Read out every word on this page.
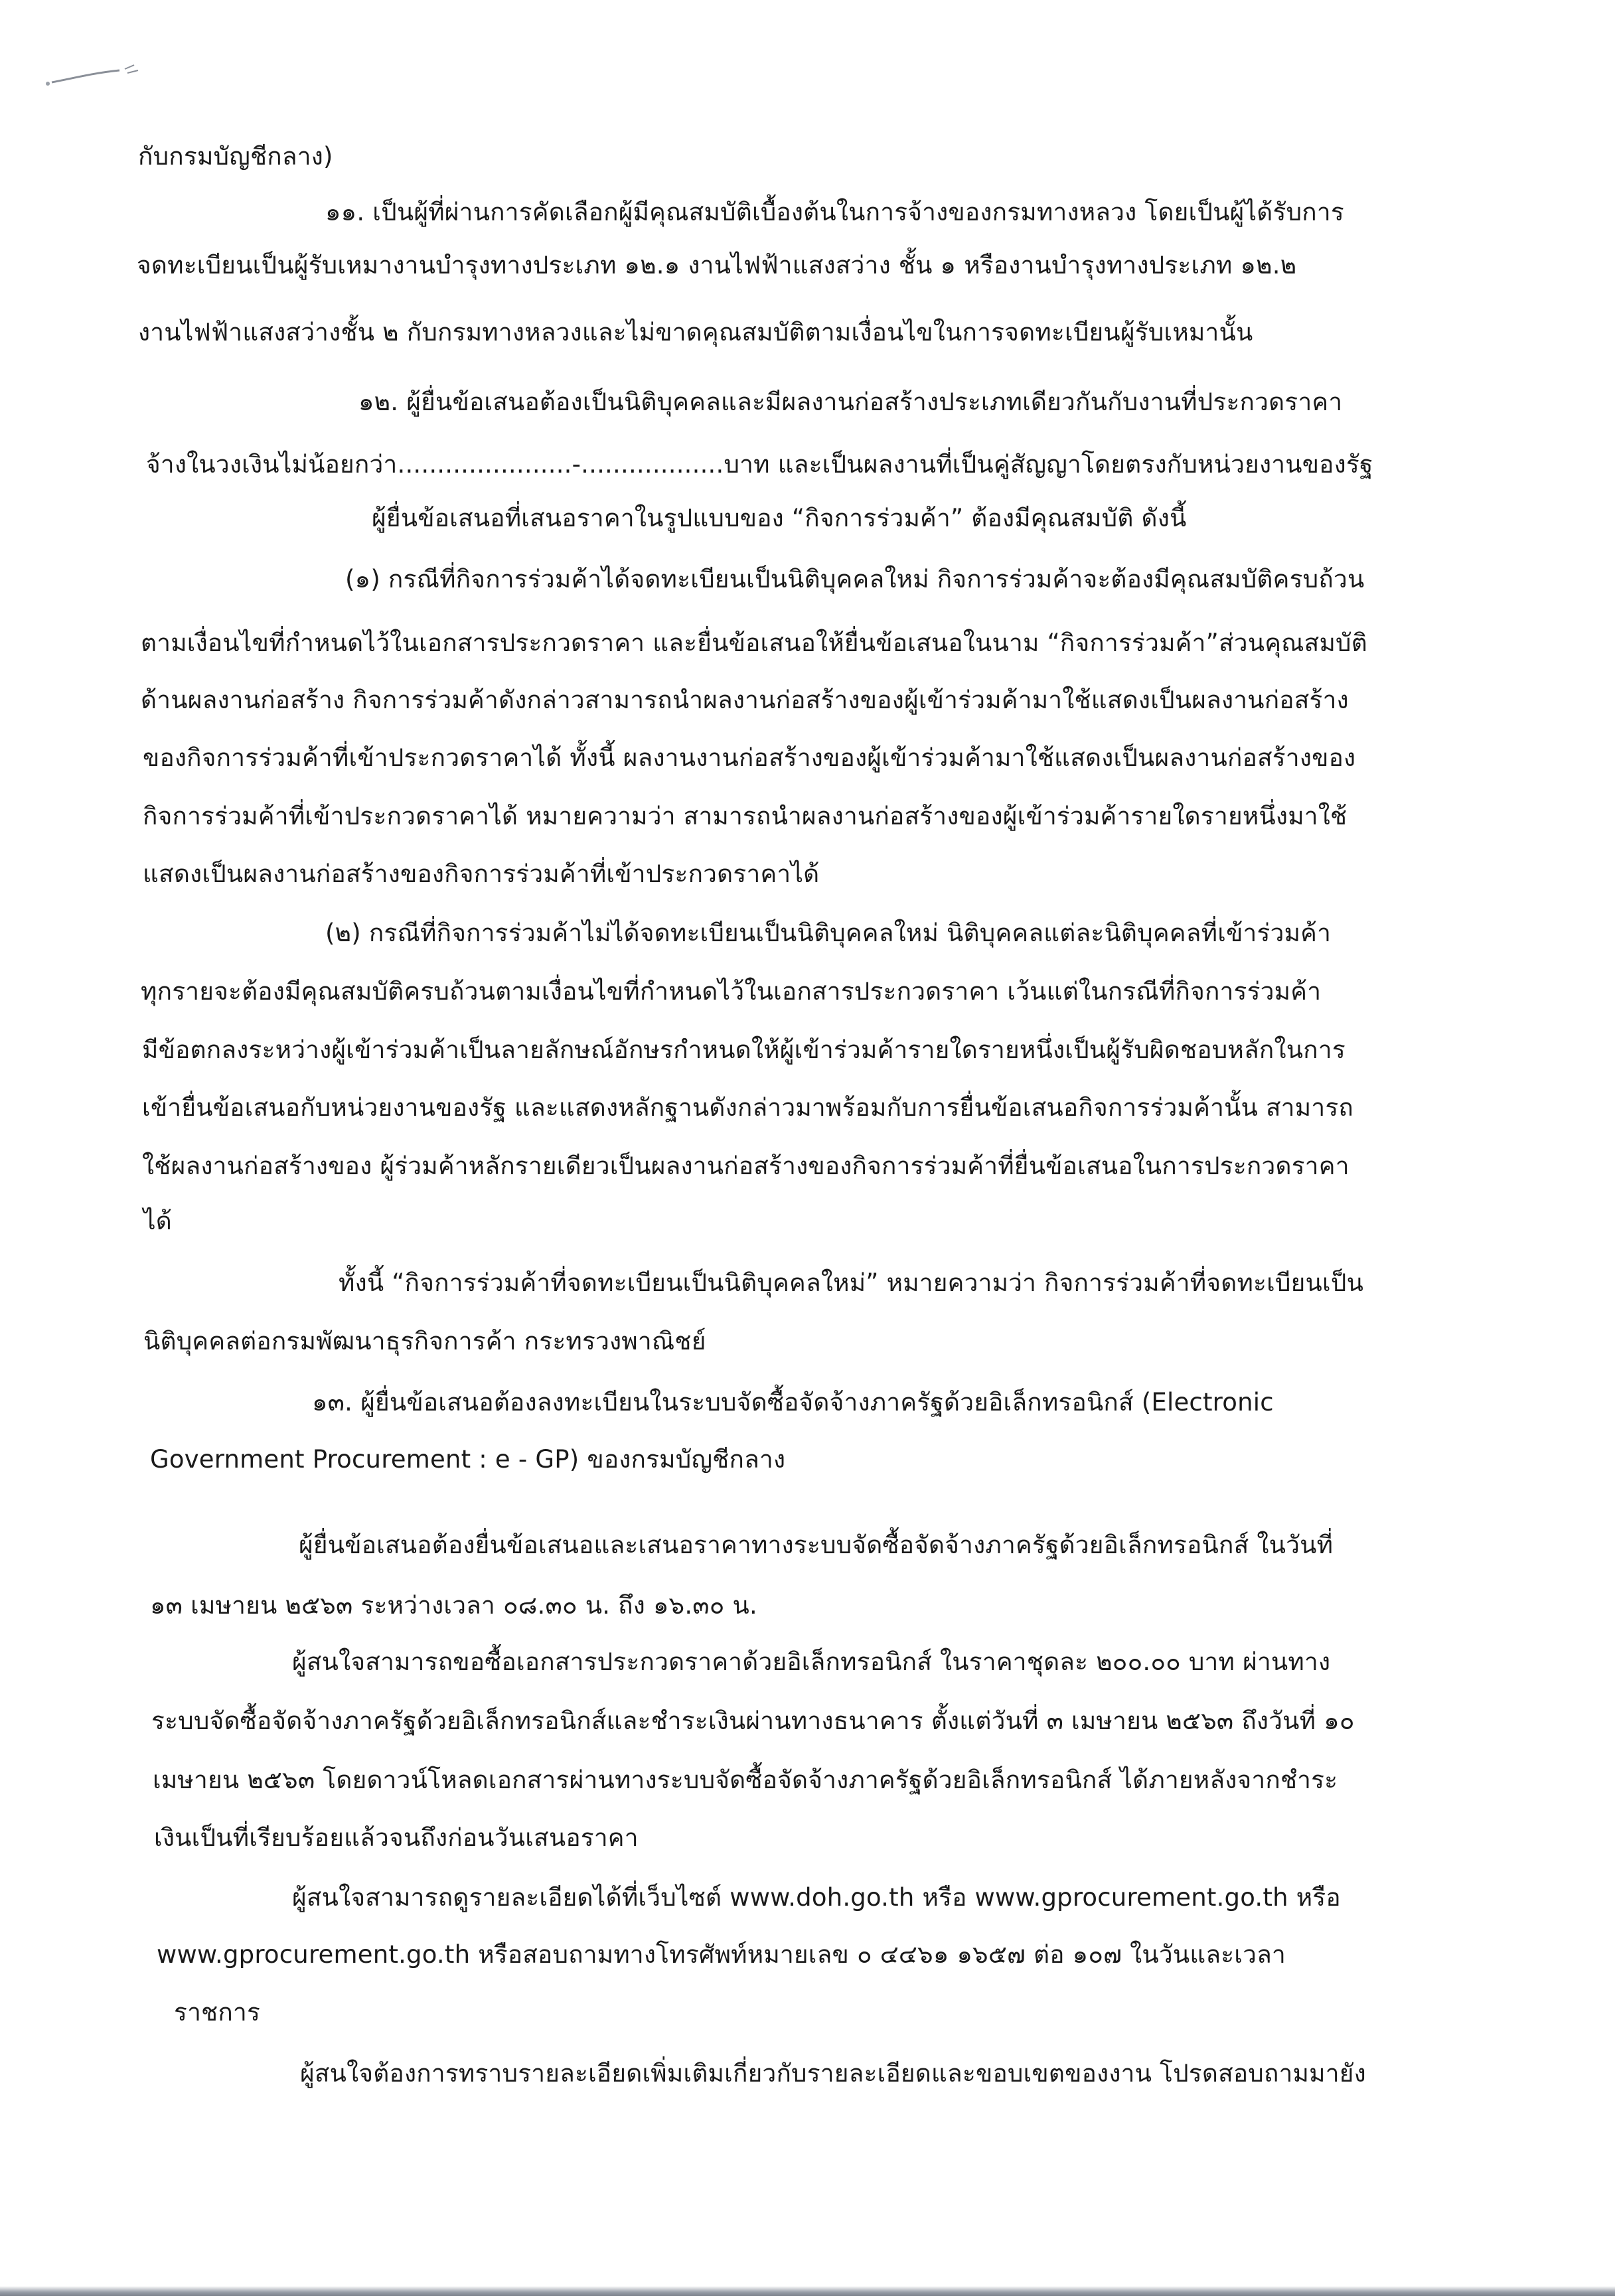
กับกรมบัญชีกลาง)
๑๑. เป็นผู้ที่ผ่านการคัดเลือกผู้มีคุณสมบัติเบื้องต้นในการจ้างของกรมทางหลวง โดยเป็นผู้ได้รับการ
จดทะเบียนเป็นผู้รับเหมางานบำรุงทางประเภท ๑๒.๑ งานไฟฟ้าแสงสว่าง ชั้น ๑ หรืองานบำรุงทางประเภท ๑๒.๒
งานไฟฟ้าแสงสว่างชั้น ๒ กับกรมทางหลวงและไม่ขาดคุณสมบัติตามเงื่อนไขในการจดทะเบียนผู้รับเหมานั้น
๑๒. ผู้ยื่นข้อเสนอต้องเป็นนิติบุคคลและมีผลงานก่อสร้างประเภทเดียวกันกับงานที่ประกวดราคา
จ้างในวงเงินไม่น้อยกว่า......................-..................บาท และเป็นผลงานที่เป็นคู่สัญญาโดยตรงกับหน่วยงานของรัฐ
ผู้ยื่นข้อเสนอที่เสนอราคาในรูปแบบของ “กิจการร่วมค้า” ต้องมีคุณสมบัติ ดังนี้
(๑) กรณีที่กิจการร่วมค้าได้จดทะเบียนเป็นนิติบุคคลใหม่ กิจการร่วมค้าจะต้องมีคุณสมบัติครบถ้วน
ตามเงื่อนไขที่กำหนดไว้ในเอกสารประกวดราคา และยื่นข้อเสนอให้ยื่นข้อเสนอในนาม “กิจการร่วมค้า”ส่วนคุณสมบัติ
ด้านผลงานก่อสร้าง กิจการร่วมค้าดังกล่าวสามารถนำผลงานก่อสร้างของผู้เข้าร่วมค้ามาใช้แสดงเป็นผลงานก่อสร้าง
ของกิจการร่วมค้าที่เข้าประกวดราคาได้ ทั้งนี้ ผลงานงานก่อสร้างของผู้เข้าร่วมค้ามาใช้แสดงเป็นผลงานก่อสร้างของ
กิจการร่วมค้าที่เข้าประกวดราคาได้ หมายความว่า สามารถนำผลงานก่อสร้างของผู้เข้าร่วมค้ารายใดรายหนึ่งมาใช้
แสดงเป็นผลงานก่อสร้างของกิจการร่วมค้าที่เข้าประกวดราคาได้
(๒) กรณีที่กิจการร่วมค้าไม่ได้จดทะเบียนเป็นนิติบุคคลใหม่ นิติบุคคลแต่ละนิติบุคคลที่เข้าร่วมค้า
ทุกรายจะต้องมีคุณสมบัติครบถ้วนตามเงื่อนไขที่กำหนดไว้ในเอกสารประกวดราคา เว้นแต่ในกรณีที่กิจการร่วมค้า
มีข้อตกลงระหว่างผู้เข้าร่วมค้าเป็นลายลักษณ์อักษรกำหนดให้ผู้เข้าร่วมค้ารายใดรายหนึ่งเป็นผู้รับผิดชอบหลักในการ
เข้ายื่นข้อเสนอกับหน่วยงานของรัฐ และแสดงหลักฐานดังกล่าวมาพร้อมกับการยื่นข้อเสนอกิจการร่วมค้านั้น สามารถ
ใช้ผลงานก่อสร้างของ ผู้ร่วมค้าหลักรายเดียวเป็นผลงานก่อสร้างของกิจการร่วมค้าที่ยื่นข้อเสนอในการประกวดราคา
ได้
ทั้งนี้ “กิจการร่วมค้าที่จดทะเบียนเป็นนิติบุคคลใหม่” หมายความว่า กิจการร่วมค้าที่จดทะเบียนเป็น
นิติบุคคลต่อกรมพัฒนาธุรกิจการค้า กระทรวงพาณิชย์
๑๓. ผู้ยื่นข้อเสนอต้องลงทะเบียนในระบบจัดซื้อจัดจ้างภาครัฐด้วยอิเล็กทรอนิกส์ (Electronic
Government Procurement : e - GP) ของกรมบัญชีกลาง
ผู้ยื่นข้อเสนอต้องยื่นข้อเสนอและเสนอราคาทางระบบจัดซื้อจัดจ้างภาครัฐด้วยอิเล็กทรอนิกส์ ในวันที่
๑๓ เมษายน ๒๕๖๓ ระหว่างเวลา ๐๘.๓๐ น. ถึง ๑๖.๓๐ น.
ผู้สนใจสามารถขอซื้อเอกสารประกวดราคาด้วยอิเล็กทรอนิกส์ ในราคาชุดละ ๒๐๐.๐๐ บาท ผ่านทาง
ระบบจัดซื้อจัดจ้างภาครัฐด้วยอิเล็กทรอนิกส์และชำระเงินผ่านทางธนาคาร ตั้งแต่วันที่ ๓ เมษายน ๒๕๖๓ ถึงวันที่ ๑๐
เมษายน ๒๕๖๓ โดยดาวน์โหลดเอกสารผ่านทางระบบจัดซื้อจัดจ้างภาครัฐด้วยอิเล็กทรอนิกส์ ได้ภายหลังจากชำระ
เงินเป็นที่เรียบร้อยแล้วจนถึงก่อนวันเสนอราคา
ผู้สนใจสามารถดูรายละเอียดได้ที่เว็บไซต์ www.doh.go.th หรือ www.gprocurement.go.th หรือ
www.gprocurement.go.th หรือสอบถามทางโทรศัพท์หมายเลข ๐ ๔๔๖๑ ๑๖๕๗ ต่อ ๑๐๗ ในวันและเวลา
ราชการ
ผู้สนใจต้องการทราบรายละเอียดเพิ่มเติมเกี่ยวกับรายละเอียดและขอบเขตของงาน โปรดสอบถามมายัง
